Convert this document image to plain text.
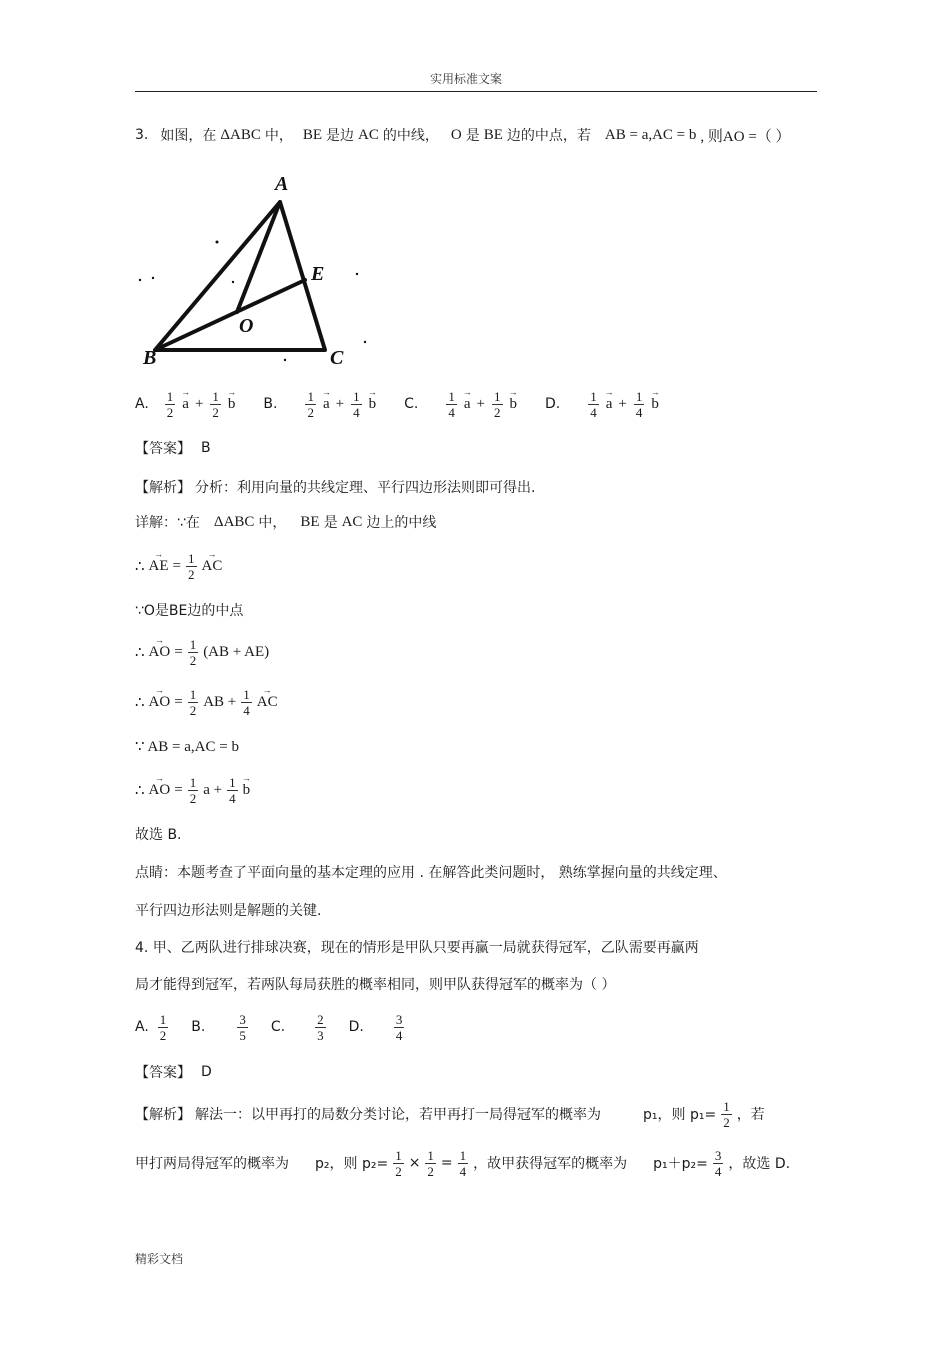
实用标准文案
3. 如图，在 ΔABC 中， BE 是边 AC 的中线， O 是 BE 边的中点，若 AB = a,AC = b , 则AO =（ ）
A
B	C
E
O
A. $\frac{1}{2}$
→ $a + \frac{1}{2}$
→ b B. $\frac{1}{2}$
→ $a + \frac{1}{4}$
→ b C. $\frac{1}{4}$
→ $a + \frac{1}{2}$
→ b D. $\frac{1}{4}$
→ $a + \frac{1}{4}$
→ b
【答案】 B
【解析】 分析：利用向量的共线定理、平行四边形法则即可得出.
详解：∵在 ΔABC 中， BE 是 AC 边上的中线
∴
→ AE = $\frac{1}{2}$
→ AC
∵O是BE边的中点
∴
→ AO = $\frac{1}{2} (AB + AE)$
∴
→ AO = $\frac{1}{2}$ AB + $\frac{1}{4}$
→ AC
∵ AB = a,AC = b
∴
→ AO = $\frac{1}{2}$ $a + \frac{1}{4}$
→ b
故选 B.
点睛：本题考查了平面向量的基本定理的应用 . 在解答此类问题时， 熟练掌握向量的共线定理、
平行四边形法则是解题的关键.
4. 甲、乙两队进行排球决赛，现在的情形是甲队只要再赢一局就获得冠军，乙队需要再赢两
局才能得到冠军，若两队每局获胜的概率相同，则甲队获得冠军的概率为（ ）
A. $\frac{1}{2} B$. $\frac{3}{5} C$. $\frac{2}{3} D$. $\frac{3}{4}$
【答案】 D
【解析】 解法一：以甲再打的局数分类讨论，若甲再打一局得冠军的概率为	p₁，则 $p_1= \frac{1}{2}$ ，若
甲打两局得冠军的概率为 p₂，则 $p_2= \frac{1}{2} \times \frac{1}{2} = \frac{1}{4}$ ，故甲获得冠军的概率为 $p_1+p_2= \frac{3}{4}$ ，故选 D.
精彩文档
